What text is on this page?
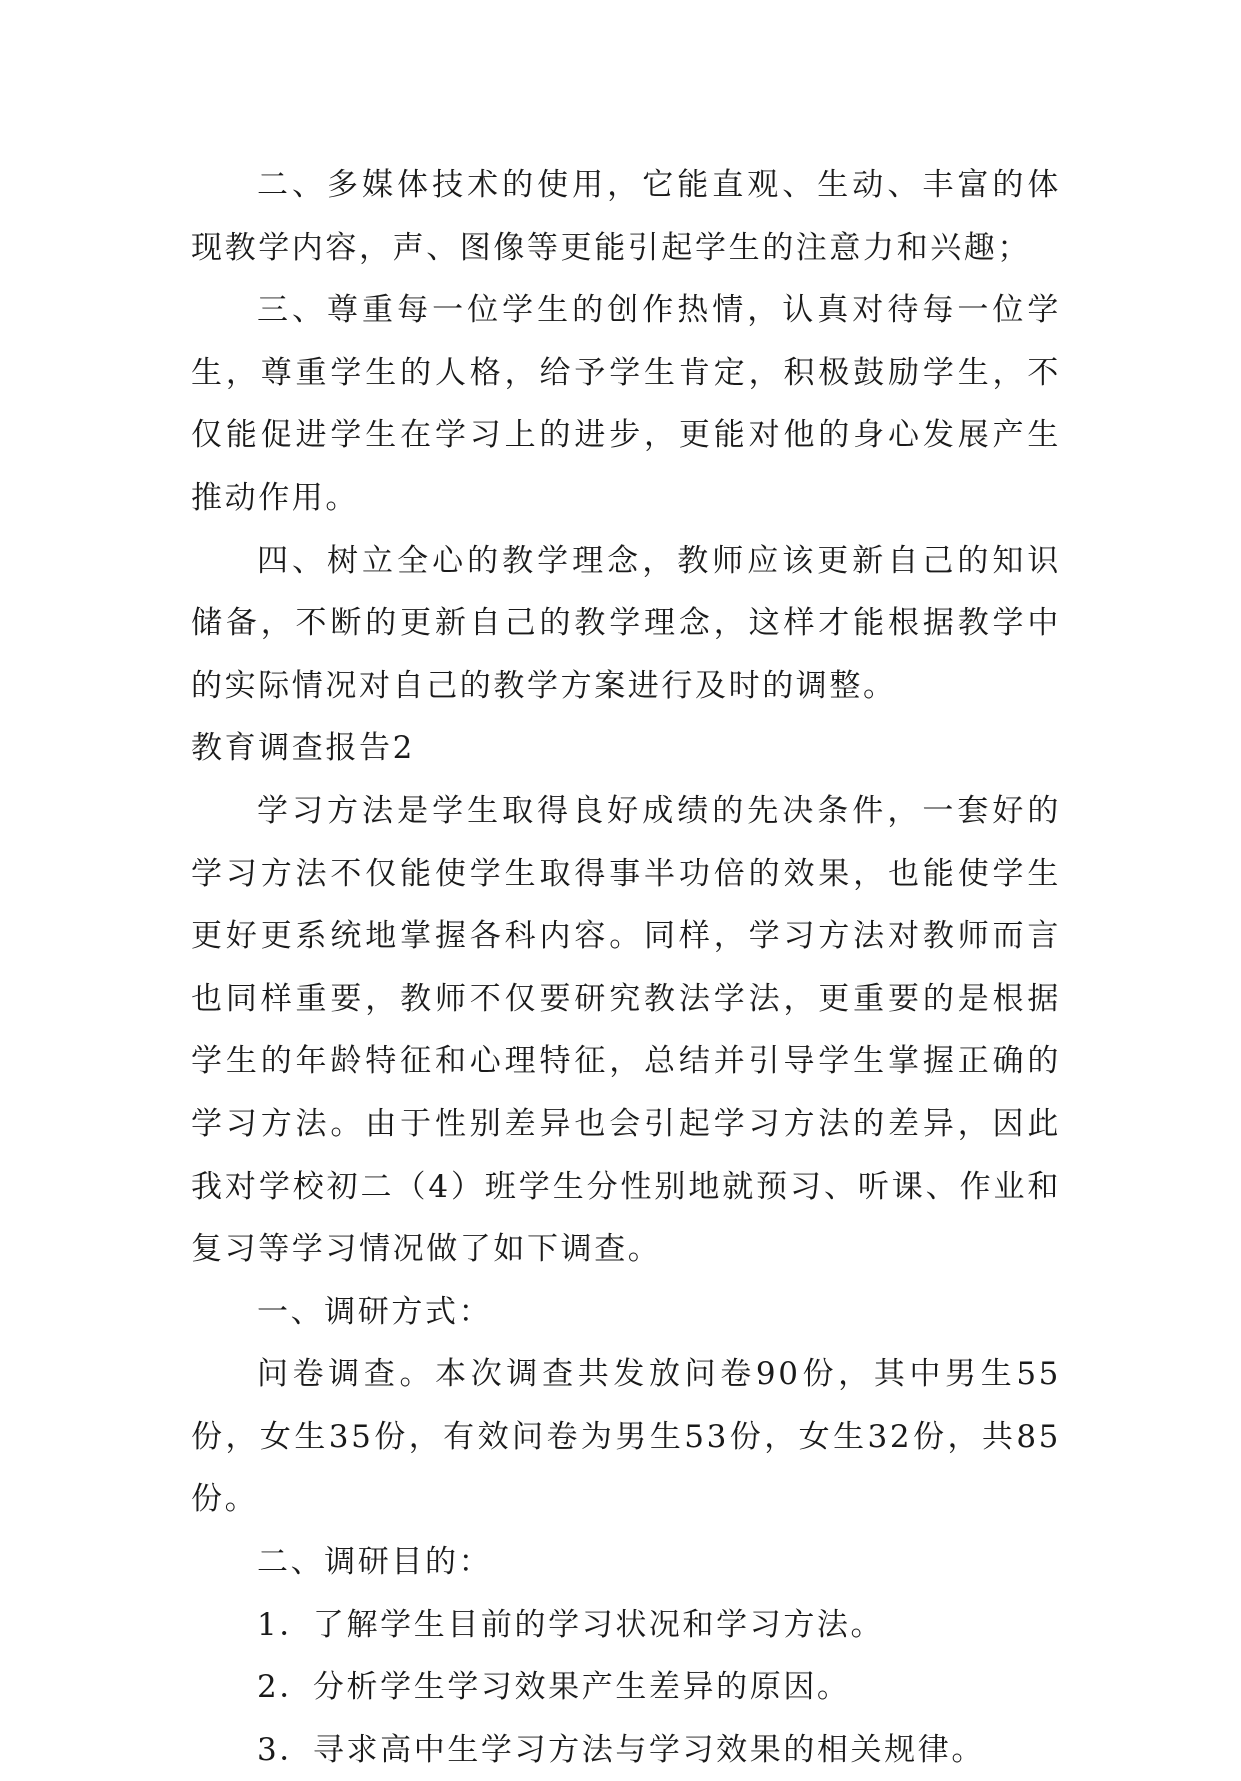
二、多媒体技术的使用，它能直观、生动、丰富的体现教学内容，声、图像等更能引起学生的注意力和兴趣；

三、尊重每一位学生的创作热情，认真对待每一位学生，尊重学生的人格，给予学生肯定，积极鼓励学生，不仅能促进学生在学习上的进步，更能对他的身心发展产生推动作用。

四、树立全心的教学理念，教师应该更新自己的知识储备，不断的更新自己的教学理念，这样才能根据教学中的实际情况对自己的教学方案进行及时的调整。

教育调查报告2

学习方法是学生取得良好成绩的先决条件，一套好的学习方法不仅能使学生取得事半功倍的效果，也能使学生更好更系统地掌握各科内容。同样，学习方法对教师而言也同样重要，教师不仅要研究教法学法，更重要的是根据学生的年龄特征和心理特征，总结并引导学生掌握正确的学习方法。由于性别差异也会引起学习方法的差异，因此我对学校初二（4）班学生分性别地就预习、听课、作业和复习等学习情况做了如下调查。

一、调研方式：

问卷调查。本次调查共发放问卷90份，其中男生55份，女生35份，有效问卷为男生53份，女生32份，共85份。

二、调研目的：

1．了解学生目前的学习状况和学习方法。

2．分析学生学习效果产生差异的原因。

3．寻求高中生学习方法与学习效果的相关规律。
